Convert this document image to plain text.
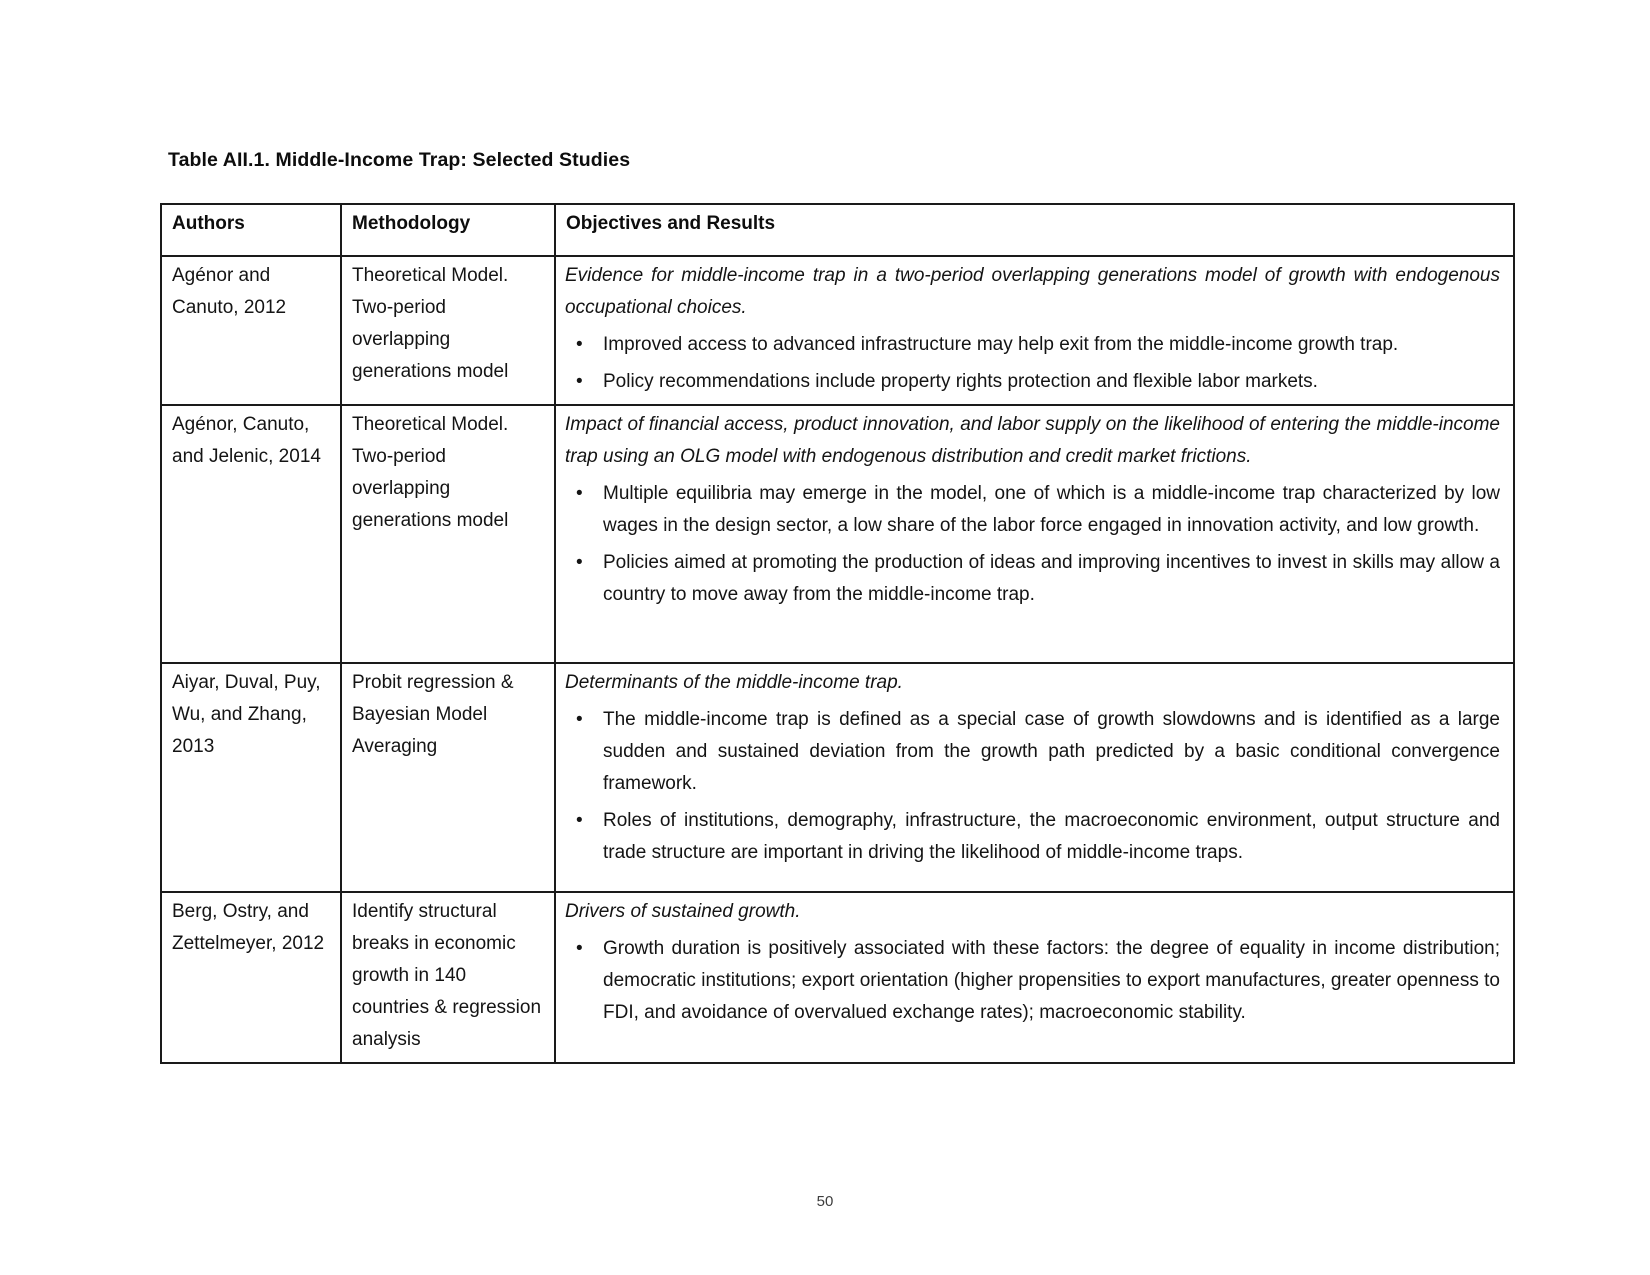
Table AII.1. Middle-Income Trap: Selected Studies
Authors	Methodology	Objectives and Results
Agénor and Canuto, 2012	Theoretical Model. Two-period overlapping generations model	

Evidence for middle-income trap in a two-period overlapping generations model of growth with endogenous occupational choices.

• Improved access to advanced infrastructure may help exit from the middle-income growth trap.
• Policy recommendations include property rights protection and flexible labor markets.

Agénor, Canuto, and Jelenic, 2014	Theoretical Model. Two-period overlapping generations model	

Impact of financial access, product innovation, and labor supply on the likelihood of entering the middle-income trap using an OLG model with endogenous distribution and credit market frictions.

• Multiple equilibria may emerge in the model, one of which is a middle-income trap characterized by low wages in the design sector, a low share of the labor force engaged in innovation activity, and low growth.
• Policies aimed at promoting the production of ideas and improving incentives to invest in skills may allow a country to move away from the middle-income trap.

Aiyar, Duval, Puy, Wu, and Zhang, 2013	Probit regression & Bayesian Model Averaging	

Determinants of the middle-income trap.

• The middle-income trap is defined as a special case of growth slowdowns and is identified as a large sudden and sustained deviation from the growth path predicted by a basic conditional convergence framework.
• Roles of institutions, demography, infrastructure, the macroeconomic environment, output structure and trade structure are important in driving the likelihood of middle-income traps.

Berg, Ostry, and Zettelmeyer, 2012	Identify structural breaks in economic growth in 140 countries & regression analysis	

Drivers of sustained growth.

• Growth duration is positively associated with these factors: the degree of equality in income distribution; democratic institutions; export orientation (higher propensities to export manufactures, greater openness to FDI, and avoidance of overvalued exchange rates); macroeconomic stability.
50
